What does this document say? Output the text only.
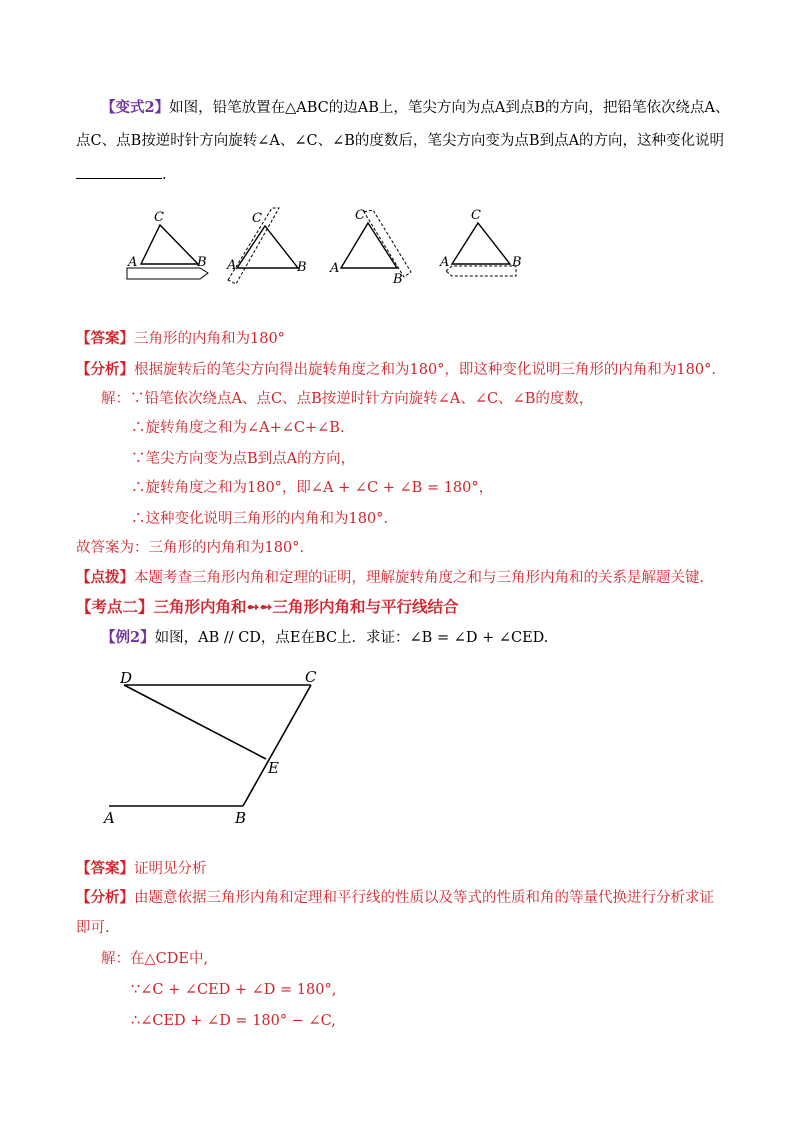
【变式2】如图，铅笔放置在△ABC的边AB上，笔尖方向为点A到点B的方向，把铅笔依次绕点A、
点C、点B按逆时针方向旋转∠A、∠C、∠B的度数后，笔尖方向变为点B到点A的方向，这种变化说明
.
C
A	B
C
A	B
C
A
B
C
A	B
【答案】三角形的内角和为180°
【分析】根据旋转后的笔尖方向得出旋转角度之和为180°，即这种变化说明三角形的内角和为180°.
解：∵铅笔依次绕点A、点C、点B按逆时针方向旋转∠A、∠C、∠B的度数，
∴旋转角度之和为∠A+∠C+∠B.
∵笔尖方向变为点B到点A的方向，
∴旋转角度之和为180°，即∠A + ∠C + ∠B = 180°，
∴这种变化说明三角形的内角和为180°.
故答案为：三角形的内角和为180°.
【点拨】本题考查三角形内角和定理的证明，理解旋转角度之和与三角形内角和的关系是解题关键.
【考点二】三角形内角和➻➻三角形内角和与平行线结合
【例2】如图，AB // CD，点E在BC上．求证：∠B = ∠D + ∠CED.
D	C
E
A	B
【答案】证明见分析
【分析】由题意依据三角形内角和定理和平行线的性质以及等式的性质和角的等量代换进行分析求证
即可.
解：在△CDE中,
∵∠C + ∠CED + ∠D = 180°,
∴∠CED + ∠D = 180° − ∠C,
